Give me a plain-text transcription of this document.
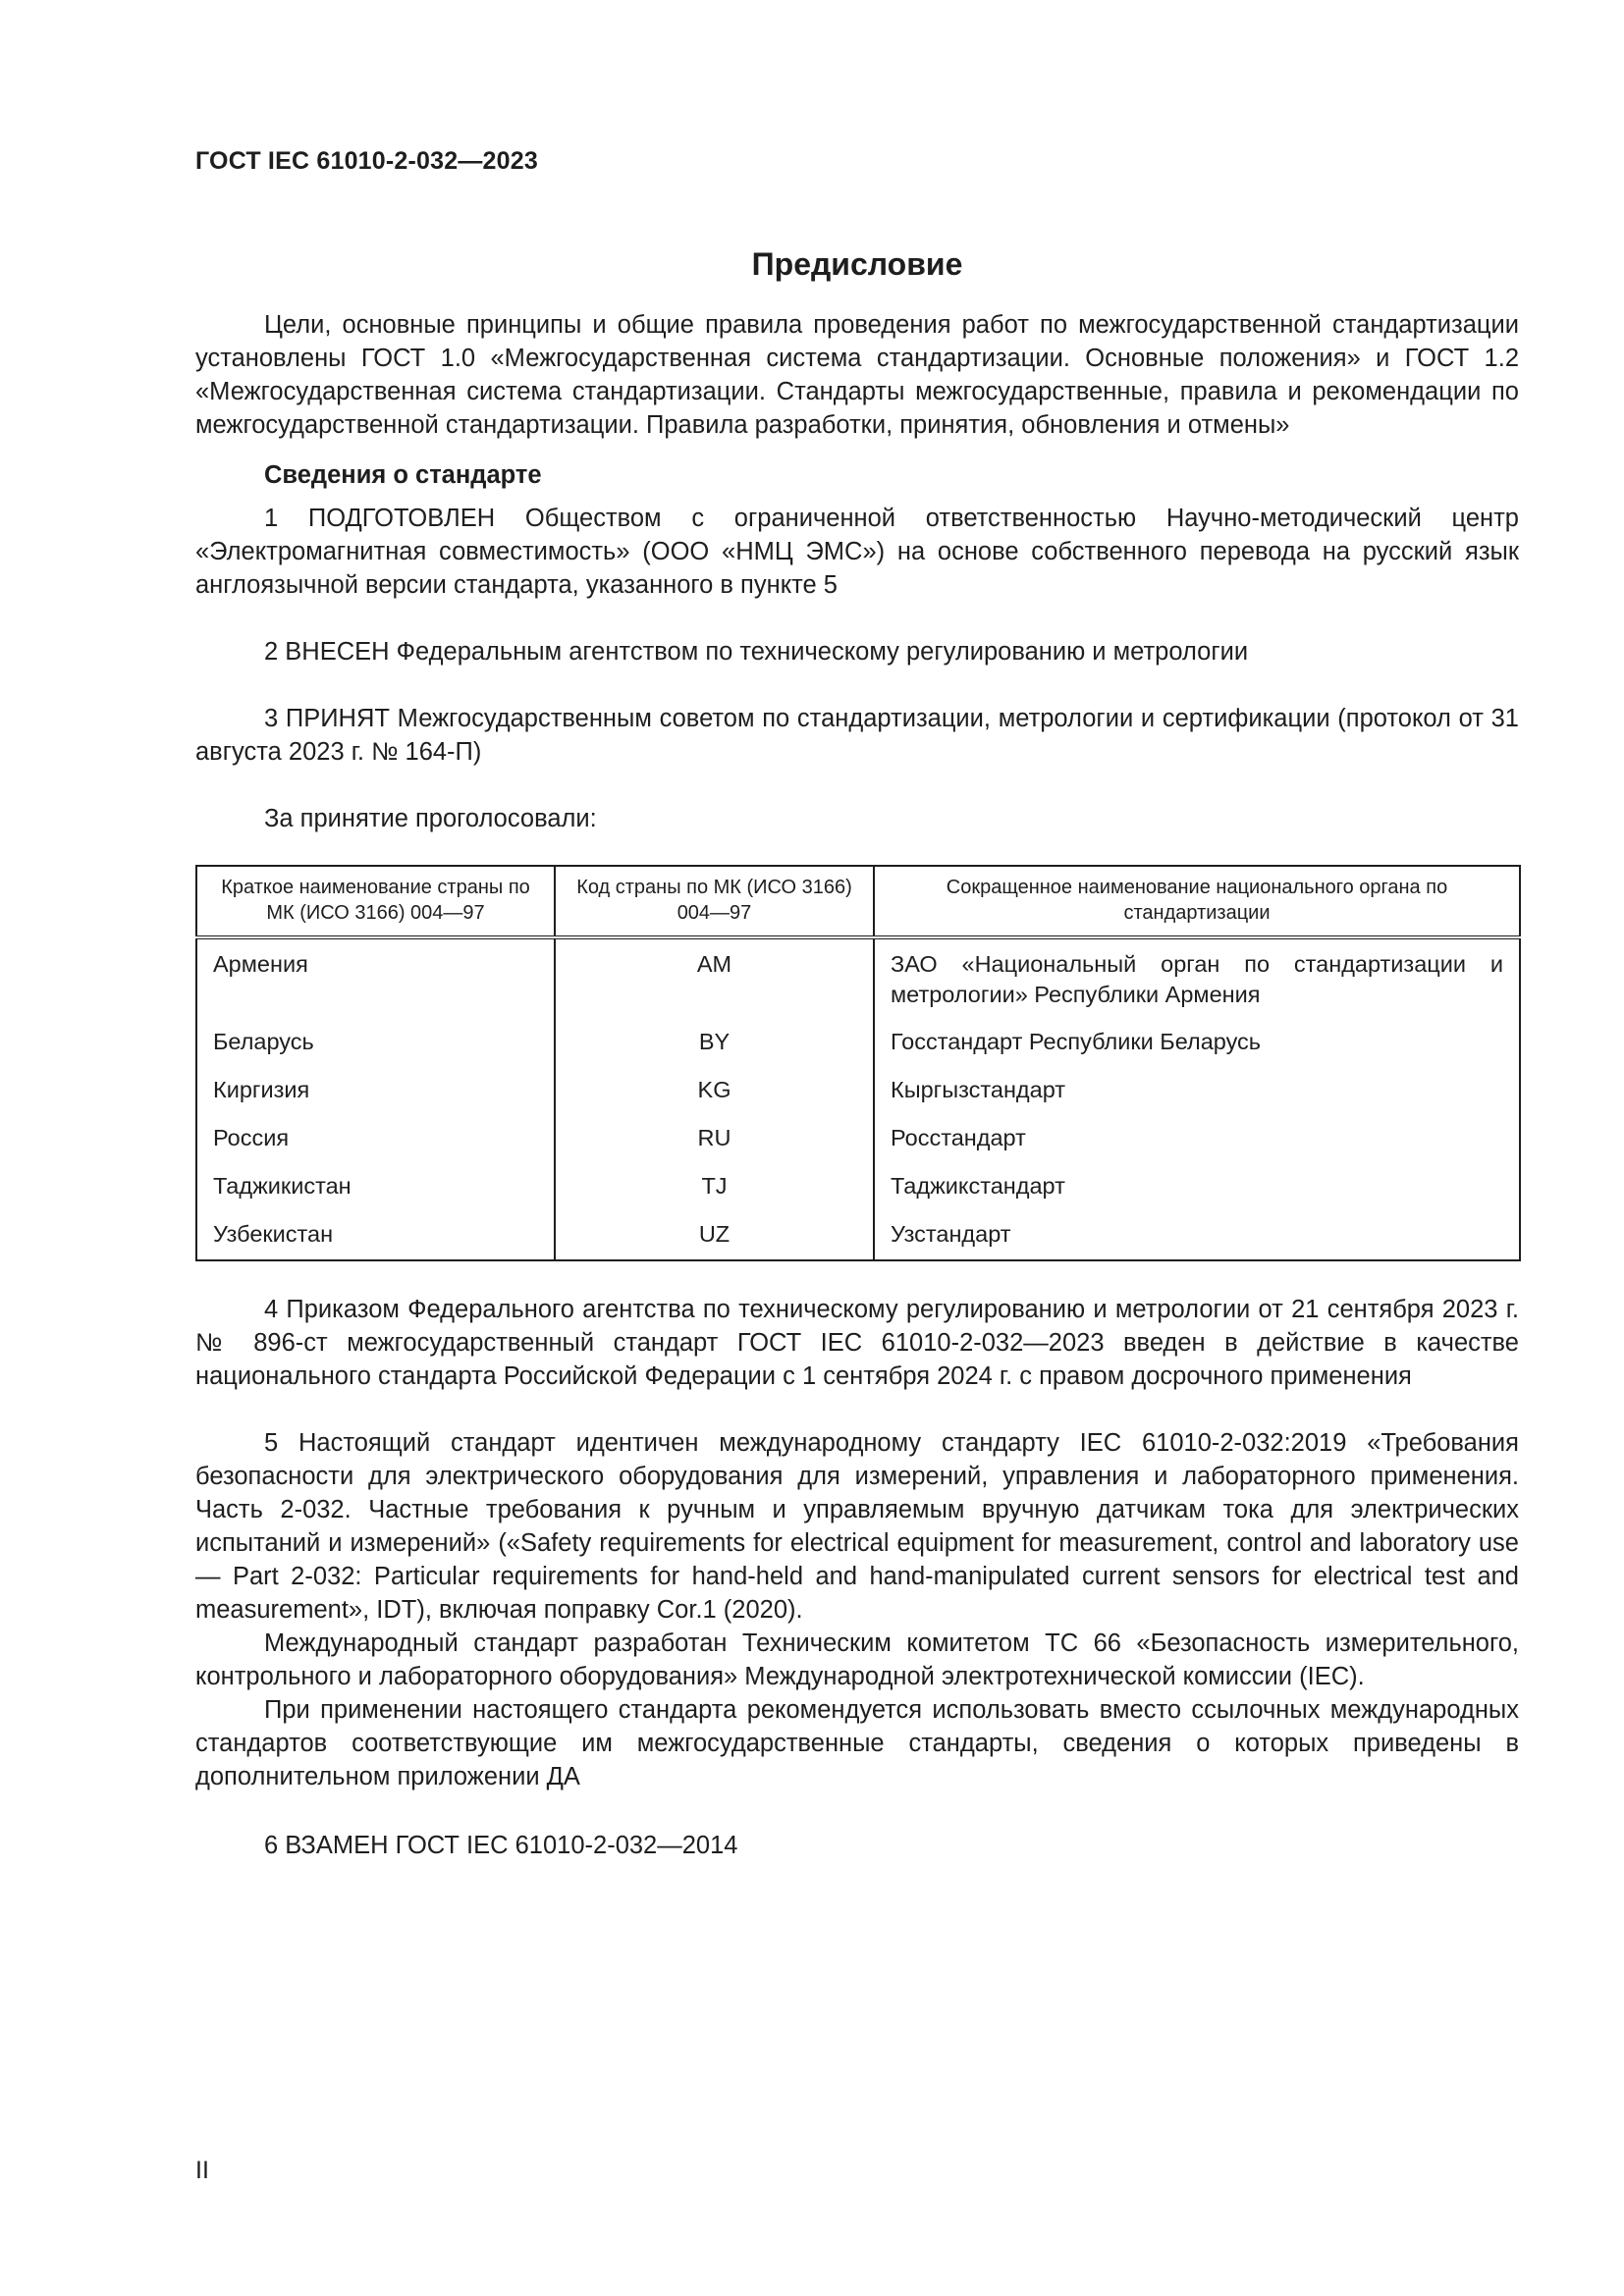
ГОСТ IEC 61010-2-032—2023
Предисловие

Цели, основные принципы и общие правила проведения работ по межгосударственной стандартизации установлены ГОСТ 1.0 «Межгосударственная система стандартизации. Основные положения» и ГОСТ 1.2 «Межгосударственная система стандартизации. Стандарты межгосударственные, правила и рекомендации по межгосударственной стандартизации. Правила разработки, принятия, обновления и отмены»

Сведения о стандарте

1 ПОДГОТОВЛЕН Обществом с ограниченной ответственностью Научно-методический центр «Электромагнитная совместимость» (ООО «НМЦ ЭМС») на основе собственного перевода на русский язык англоязычной версии стандарта, указанного в пункте 5

2 ВНЕСЕН Федеральным агентством по техническому регулированию и метрологии

3 ПРИНЯТ Межгосударственным советом по стандартизации, метрологии и сертификации (протокол от 31 августа 2023 г. № 164-П)

За принятие проголосовали:

Краткое наименование страны по МК (ИСО 3166) 004—97	Код страны по МК (ИСО 3166) 004—97	Сокращенное наименование национального органа по стандартизации
Армения	AM	ЗАО «Национальный орган по стандартизации и метрологии» Республики Армения
Беларусь	BY	Госстандарт Республики Беларусь
Киргизия	KG	Кыргызстандарт
Россия	RU	Росстандарт
Таджикистан	TJ	Таджикстандарт
Узбекистан	UZ	Узстандарт

4 Приказом Федерального агентства по техническому регулированию и метрологии от 21 сентября 2023 г. № 896-ст межгосударственный стандарт ГОСТ IEC 61010-2-032—2023 введен в действие в качестве национального стандарта Российской Федерации с 1 сентября 2024 г. с правом досрочного применения

5 Настоящий стандарт идентичен международному стандарту IEC 61010-2-032:2019 «Требования безопасности для электрического оборудования для измерений, управления и лабораторного применения. Часть 2-032. Частные требования к ручным и управляемым вручную датчикам тока для электрических испытаний и измерений» («Safety requirements for electrical equipment for measurement, control and laboratory use — Part 2-032: Particular requirements for hand-held and hand-manipulated current sensors for electrical test and measurement», IDT), включая поправку Cor.1 (2020).

Международный стандарт разработан Техническим комитетом TC 66 «Безопасность измерительного, контрольного и лабораторного оборудования» Международной электротехнической комиссии (IEC).

При применении настоящего стандарта рекомендуется использовать вместо ссылочных международных стандартов соответствующие им межгосударственные стандарты, сведения о которых приведены в дополнительном приложении ДА

6 ВЗАМЕН ГОСТ IEC 61010-2-032—2014

II
